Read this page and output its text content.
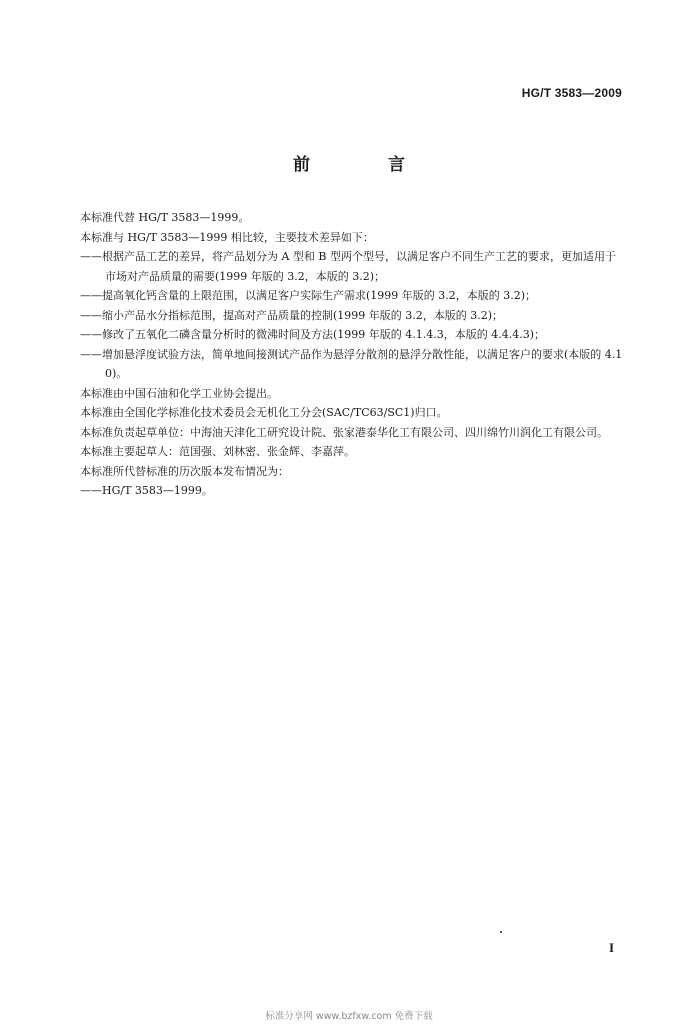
HG/T 3583—2009
前 言

本标准代替 HG/T 3583—1999。

本标准与 HG/T 3583—1999 相比较，主要技术差异如下：

——根据产品工艺的差异，将产品划分为 A 型和 B 型两个型号，以满足客户不同生产工艺的要求，更加适用于市场对产品质量的需要(1999 年版的 3.2，本版的 3.2)；

——提高氧化钙含量的上限范围，以满足客户实际生产需求(1999 年版的 3.2，本版的 3.2)；

——缩小产品水分指标范围，提高对产品质量的控制(1999 年版的 3.2，本版的 3.2)；

——修改了五氧化二磷含量分析时的微沸时间及方法(1999 年版的 4.1.4.3，本版的 4.4.4.3)；

——增加悬浮度试验方法，简单地间接测试产品作为悬浮分散剂的悬浮分散性能，以满足客户的要求(本版的 4.10)。

本标准由中国石油和化学工业协会提出。

本标准由全国化学标准化技术委员会无机化工分会(SAC/TC63/SC1)归口。

本标准负责起草单位：中海油天津化工研究设计院、张家港泰华化工有限公司、四川绵竹川润化工有限公司。

本标准主要起草人：范国强、刘林密、张金辉、李嘉萍。

本标准所代替标准的历次版本发布情况为：

——HG/T 3583—1999。

I
标准分享网 www.bzfxw.com 免费下载
